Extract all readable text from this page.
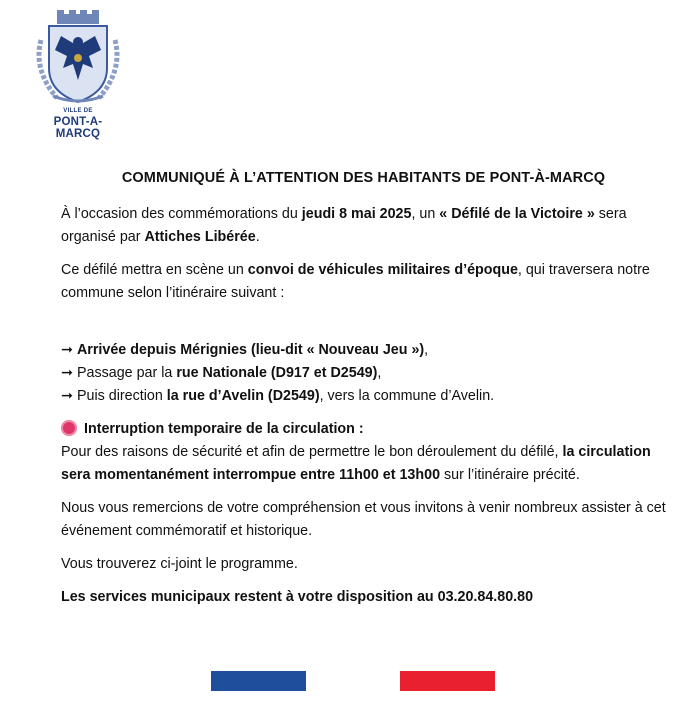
VILLE DE
PONT-A-MARCQ
COMMUNIQUÉ À L’ATTENTION DES HABITANTS DE PONT-À-MARCQ

À l’occasion des commémorations du jeudi 8 mai 2025, un « Défilé de la Victoire » sera organisé par Attiches Libérée.

Ce défilé mettra en scène un convoi de véhicules militaires d’époque, qui traversera notre commune selon l’itinéraire suivant :

➞ Arrivée depuis Mérignies (lieu-dit « Nouveau Jeu »),

➞ Passage par la rue Nationale (D917 et D2549),

➞ Puis direction la rue d’Avelin (D2549), vers la commune d’Avelin.

Interruption temporaire de la circulation :

Pour des raisons de sécurité et afin de permettre le bon déroulement du défilé, la circulation sera momentanément interrompue entre 11h00 et 13h00 sur l’itinéraire précité.

Nous vous remercions de votre compréhension et vous invitons à venir nombreux assister à cet événement commémoratif et historique.

Vous trouverez ci-joint le programme.

Les services municipaux restent à votre disposition au 03.20.84.80.80
